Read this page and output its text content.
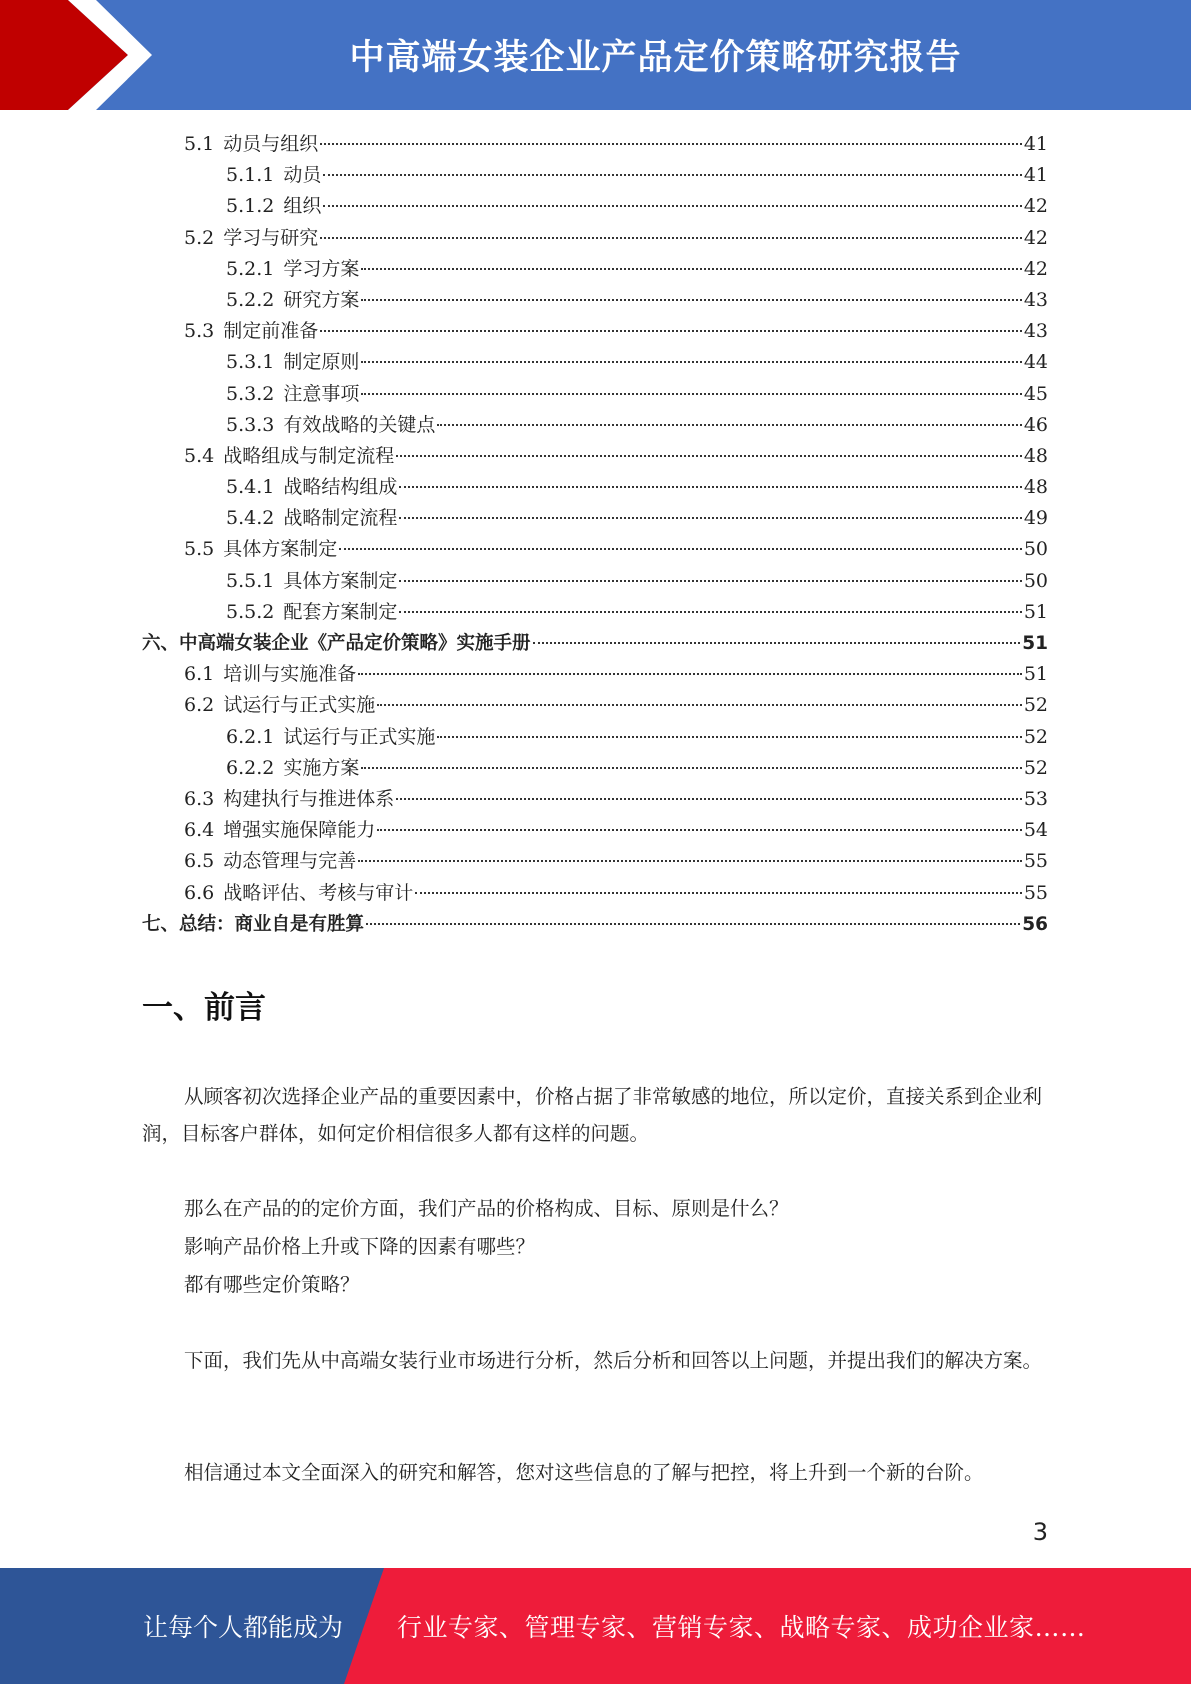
中高端女装企业产品定价策略研究报告
5.1 动员与组织	41
5.1.1 动员	41
5.1.2 组织	42
5.2 学习与研究	42
5.2.1 学习方案	42
5.2.2 研究方案	43
5.3 制定前准备	43
5.3.1 制定原则	44
5.3.2 注意事项	45
5.3.3 有效战略的关键点	46
5.4 战略组成与制定流程	48
5.4.1 战略结构组成	48
5.4.2 战略制定流程	49
5.5 具体方案制定	50
5.5.1 具体方案制定	50
5.5.2 配套方案制定	51
六、中高端女装企业《产品定价策略》实施手册	51
6.1 培训与实施准备	51
6.2 试运行与正式实施	52
6.2.1 试运行与正式实施	52
6.2.2 实施方案	52
6.3 构建执行与推进体系	53
6.4 增强实施保障能力	54
6.5 动态管理与完善	55
6.6 战略评估、考核与审计	55
七、总结：商业自是有胜算	56
一、前言

从顾客初次选择企业产品的重要因素中，价格占据了非常敏感的地位，所以定价，直接关系到企业利润，目标客户群体，如何定价相信很多人都有这样的问题。

那么在产品的的定价方面，我们产品的价格构成、目标、原则是什么？

影响产品价格上升或下降的因素有哪些？

都有哪些定价策略？

下面，我们先从中高端女装行业市场进行分析，然后分析和回答以上问题，并提出我们的解决方案。

相信通过本文全面深入的研究和解答，您对这些信息的了解与把控，将上升到一个新的台阶。

3
让每个人都能成为 行业专家、管理专家、营销专家、战略专家、成功企业家……
